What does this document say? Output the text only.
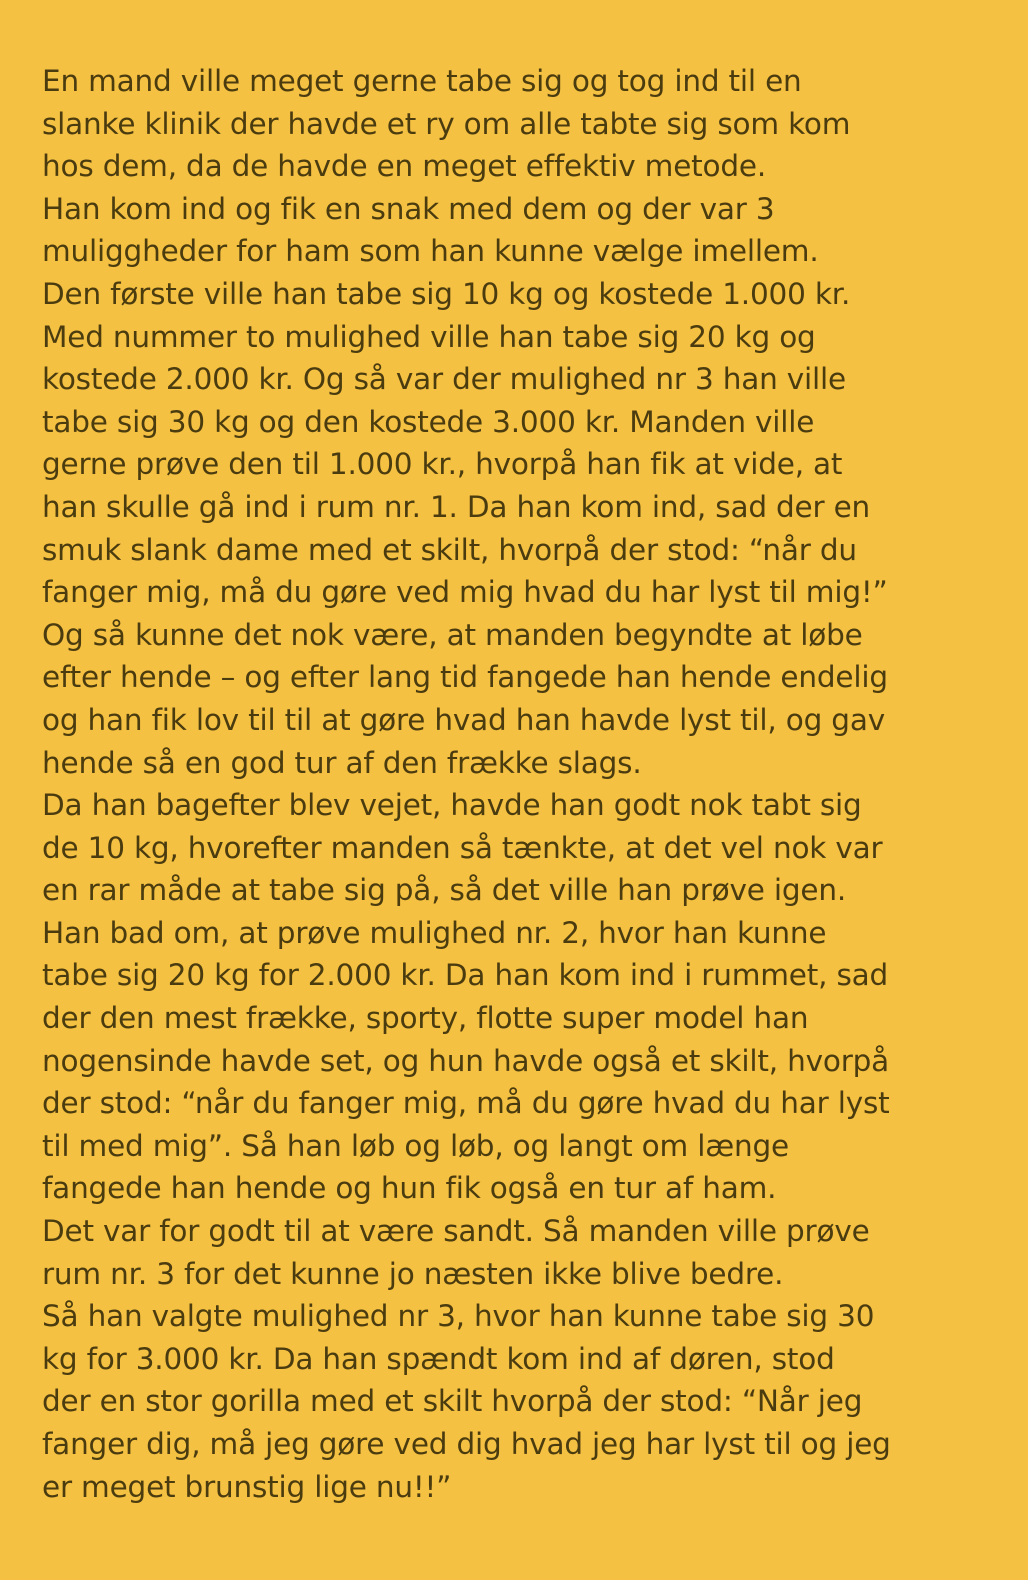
En mand ville meget gerne tabe sig og tog ind til en
slanke klinik der havde et ry om alle tabte sig som kom
hos dem, da de havde en meget effektiv metode.
Han kom ind og fik en snak med dem og der var 3
muliggheder for ham som han kunne vælge imellem.
Den første ville han tabe sig 10 kg og kostede 1.000 kr.
Med nummer to mulighed ville han tabe sig 20 kg og
kostede 2.000 kr. Og så var der mulighed nr 3 han ville
tabe sig 30 kg og den kostede 3.000 kr. Manden ville
gerne prøve den til 1.000 kr., hvorpå han fik at vide, at
han skulle gå ind i rum nr. 1. Da han kom ind, sad der en
smuk slank dame med et skilt, hvorpå der stod: “når du
fanger mig, må du gøre ved mig hvad du har lyst til mig!”
Og så kunne det nok være, at manden begyndte at løbe
efter hende – og efter lang tid fangede han hende endelig
og han fik lov til til at gøre hvad han havde lyst til, og gav
hende så en god tur af den frække slags.
Da han bagefter blev vejet, havde han godt nok tabt sig
de 10 kg, hvorefter manden så tænkte, at det vel nok var
en rar måde at tabe sig på, så det ville han prøve igen.
Han bad om, at prøve mulighed nr. 2, hvor han kunne
tabe sig 20 kg for 2.000 kr. Da han kom ind i rummet, sad
der den mest frække, sporty, flotte super model han
nogensinde havde set, og hun havde også et skilt, hvorpå
der stod: “når du fanger mig, må du gøre hvad du har lyst
til med mig”. Så han løb og løb, og langt om længe
fangede han hende og hun fik også en tur af ham.
Det var for godt til at være sandt. Så manden ville prøve
rum nr. 3 for det kunne jo næsten ikke blive bedre.
Så han valgte mulighed nr 3, hvor han kunne tabe sig 30
kg for 3.000 kr. Da han spændt kom ind af døren, stod
der en stor gorilla med et skilt hvorpå der stod: “Når jeg
fanger dig, må jeg gøre ved dig hvad jeg har lyst til og jeg
er meget brunstig lige nu!!”
